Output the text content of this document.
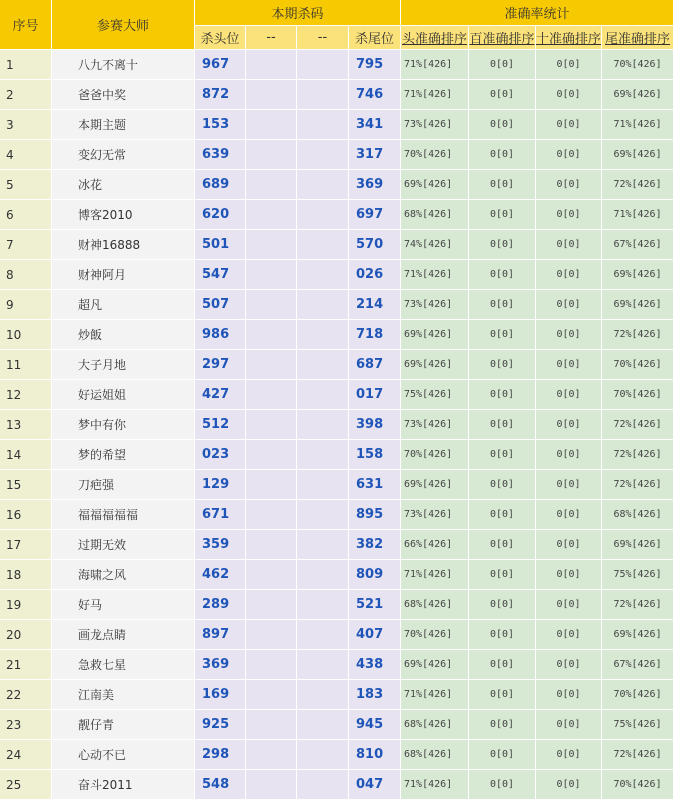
序号	参赛大师	本期杀码				准确率统计			
		杀头位	--	--	杀尾位	头准确排序	百准确排序	十准确排序	尾准确排序
1	八九不离十	967			795	71%[426]	0[0]	0[0]	70%[426]
2	爸爸中奖	872			746	71%[426]	0[0]	0[0]	69%[426]
3	本期主题	153			341	73%[426]	0[0]	0[0]	71%[426]
4	变幻无常	639			317	70%[426]	0[0]	0[0]	69%[426]
5	冰花	689			369	69%[426]	0[0]	0[0]	72%[426]
6	博客2010	620			697	68%[426]	0[0]	0[0]	71%[426]
7	财神16888	501			570	74%[426]	0[0]	0[0]	67%[426]
8	财神阿月	547			026	71%[426]	0[0]	0[0]	69%[426]
9	超凡	507			214	73%[426]	0[0]	0[0]	69%[426]
10	炒飯	986			718	69%[426]	0[0]	0[0]	72%[426]
11	大子月地	297			687	69%[426]	0[0]	0[0]	70%[426]
12	好运姐姐	427			017	75%[426]	0[0]	0[0]	70%[426]
13	梦中有你	512			398	73%[426]	0[0]	0[0]	72%[426]
14	梦的希望	023			158	70%[426]	0[0]	0[0]	72%[426]
15	刀疤强	129			631	69%[426]	0[0]	0[0]	72%[426]
16	福福福福福	671			895	73%[426]	0[0]	0[0]	68%[426]
17	过期无效	359			382	66%[426]	0[0]	0[0]	69%[426]
18	海啸之风	462			809	71%[426]	0[0]	0[0]	75%[426]
19	好马	289			521	68%[426]	0[0]	0[0]	72%[426]
20	画龙点睛	897			407	70%[426]	0[0]	0[0]	69%[426]
21	急救七星	369			438	69%[426]	0[0]	0[0]	67%[426]
22	江南美	169			183	71%[426]	0[0]	0[0]	70%[426]
23	靓仔青	925			945	68%[426]	0[0]	0[0]	75%[426]
24	心动不已	298			810	68%[426]	0[0]	0[0]	72%[426]
25	奋斗2011	548			047	71%[426]	0[0]	0[0]	70%[426]
